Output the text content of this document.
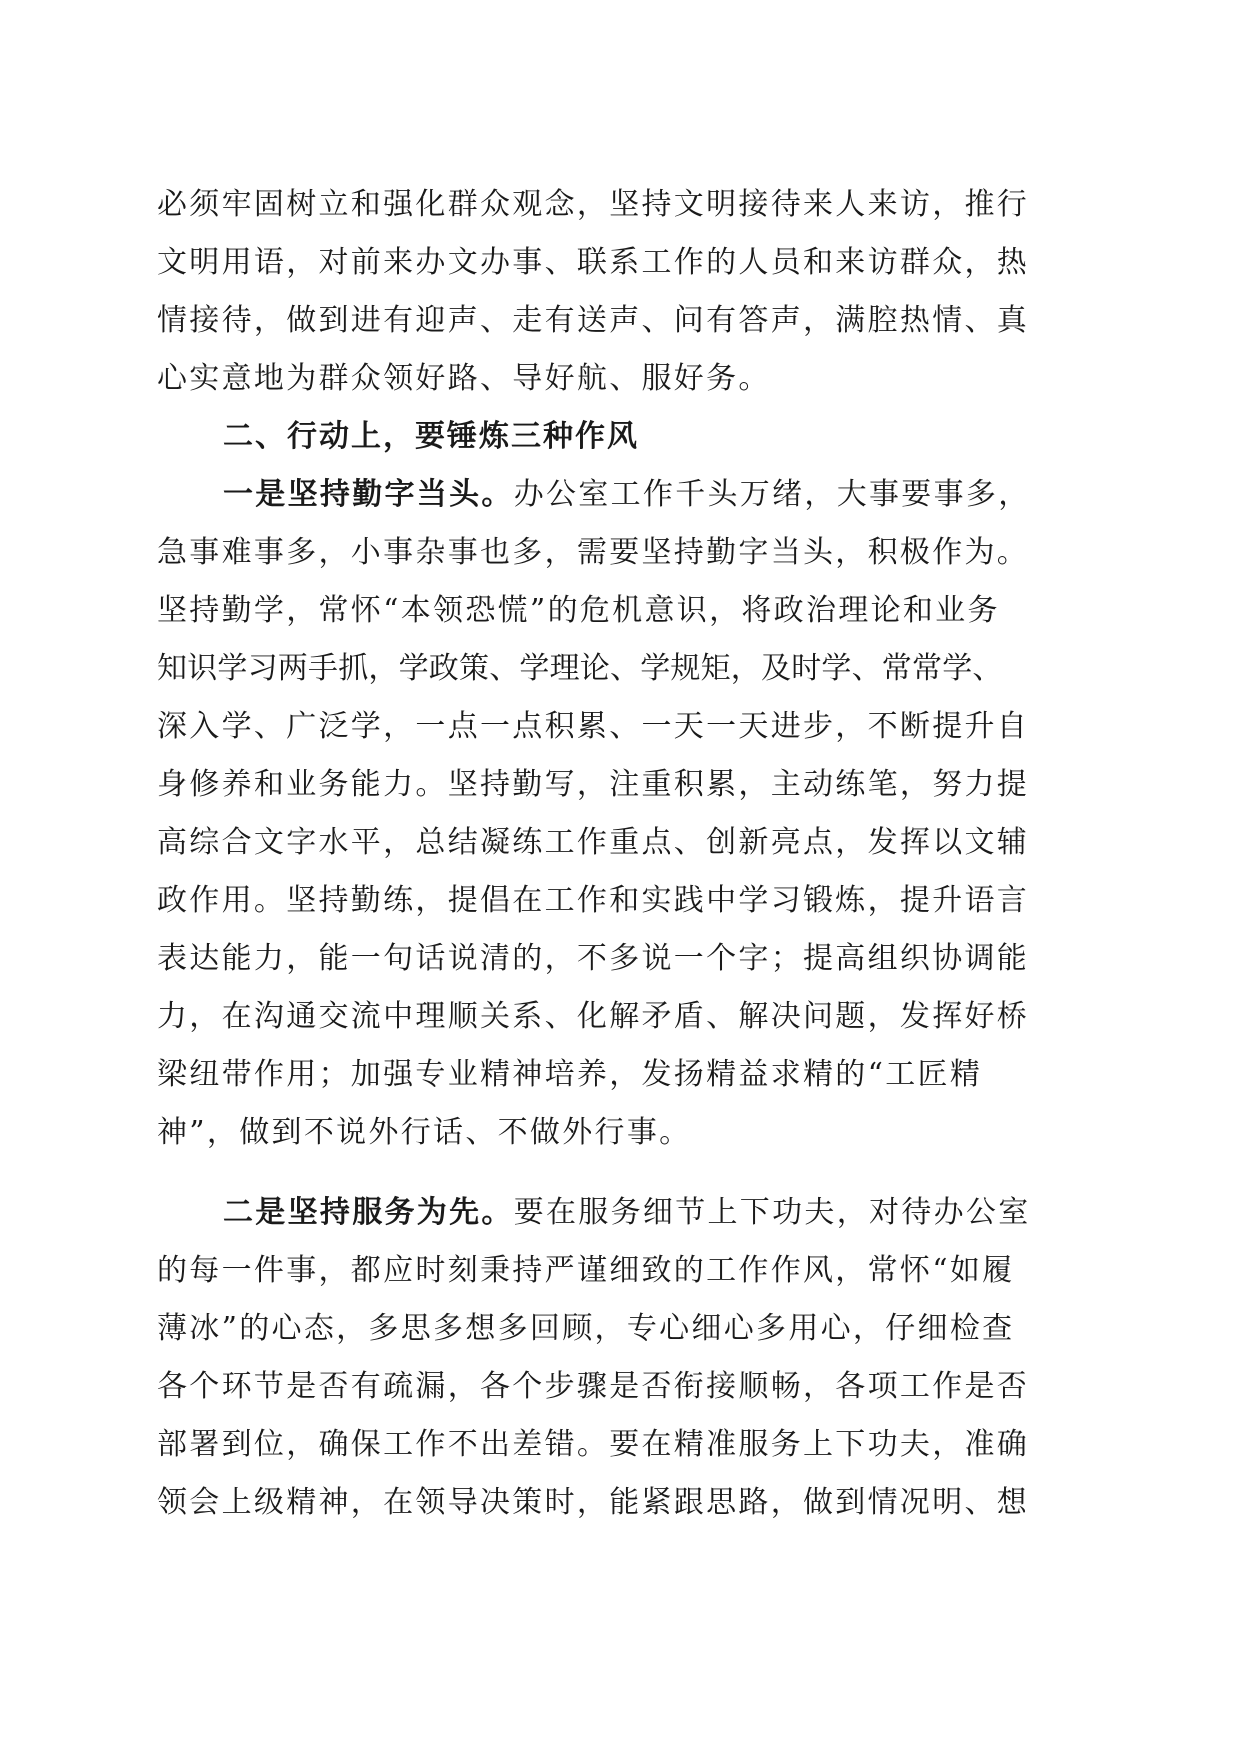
必须牢固树立和强化群众观念，坚持文明接待来人来访，推行
文明用语，对前来办文办事、联系工作的人员和来访群众，热
情接待，做到进有迎声、走有送声、问有答声，满腔热情、真
心实意地为群众领好路、导好航、服好务。
二、行动上，要锤炼三种作风
一是坚持勤字当头。办公室工作千头万绪，大事要事多，
急事难事多，小事杂事也多，需要坚持勤字当头，积极作为。
坚持勤学，常怀“本领恐慌”的危机意识，将政治理论和业务
知识学习两手抓，学政策、学理论、学规矩，及时学、常常学、
深入学、广泛学，一点一点积累、一天一天进步，不断提升自
身修养和业务能力。坚持勤写，注重积累，主动练笔，努力提
高综合文字水平，总结凝练工作重点、创新亮点，发挥以文辅
政作用。坚持勤练，提倡在工作和实践中学习锻炼，提升语言
表达能力，能一句话说清的，不多说一个字；提高组织协调能
力，在沟通交流中理顺关系、化解矛盾、解决问题，发挥好桥
梁纽带作用；加强专业精神培养，发扬精益求精的“工匠精
神”，做到不说外行话、不做外行事。
二是坚持服务为先。要在服务细节上下功夫，对待办公室
的每一件事，都应时刻秉持严谨细致的工作作风，常怀“如履
薄冰”的心态，多思多想多回顾，专心细心多用心，仔细检查
各个环节是否有疏漏，各个步骤是否衔接顺畅，各项工作是否
部署到位，确保工作不出差错。要在精准服务上下功夫，准确
领会上级精神，在领导决策时，能紧跟思路，做到情况明、想
